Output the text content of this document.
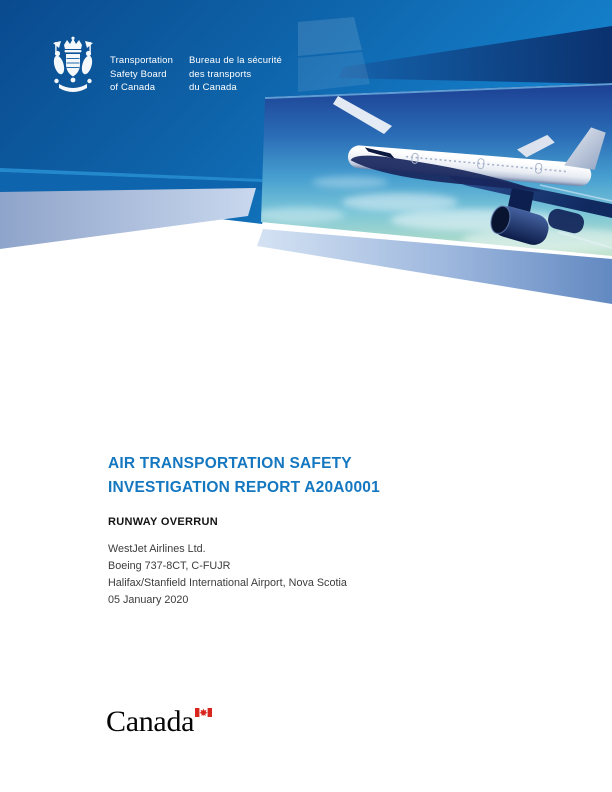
Transportation
Safety Board
of Canada
Bureau de la sécurité
des transports
du Canada
AIR TRANSPORTATION SAFETY
INVESTIGATION REPORT A20A0001
RUNWAY OVERRUN
WestJet Airlines Ltd.
Boeing 737-8CT, C-FUJR
Halifax/Stanfield International Airport, Nova Scotia
05 January 2020
Canada
